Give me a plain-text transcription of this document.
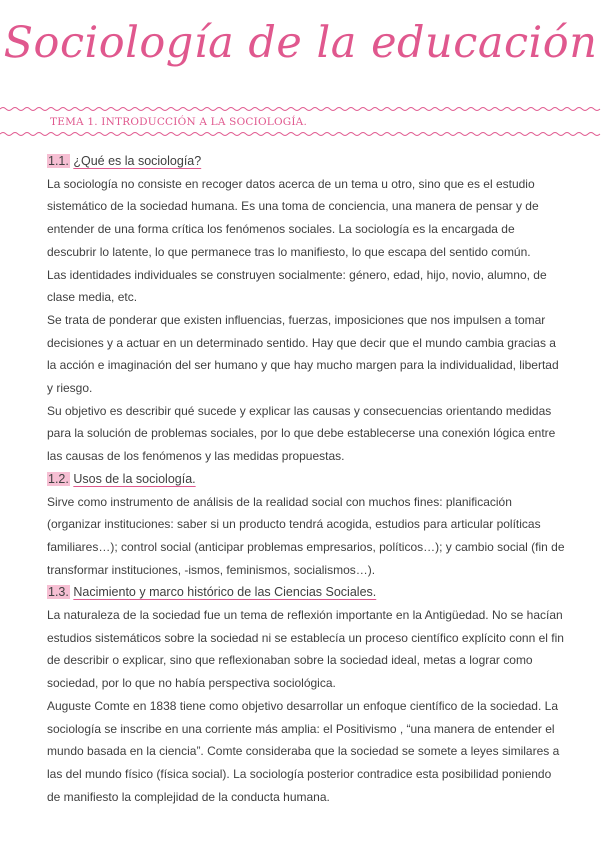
Sociología de la educación
TEMA 1. INTRODUCCIÓN A LA SOCIOLOGÍA.
1.1. ¿Qué es la sociología?

La sociología no consiste en recoger datos acerca de un tema u otro, sino que es el estudio sistemático de la sociedad humana. Es una toma de conciencia, una manera de pensar y de entender de una forma crítica los fenómenos sociales. La sociología es la encargada de descubrir lo latente, lo que permanece tras lo manifiesto, lo que escapa del sentido común.

Las identidades individuales se construyen socialmente: género, edad, hijo, novio, alumno, de clase media, etc.

Se trata de ponderar que existen influencias, fuerzas, imposiciones que nos impulsen a tomar decisiones y a actuar en un determinado sentido. Hay que decir que el mundo cambia gracias a la acción e imaginación del ser humano y que hay mucho margen para la individualidad, libertad y riesgo.

Su objetivo es describir qué sucede y explicar las causas y consecuencias orientando medidas para la solución de problemas sociales, por lo que debe establecerse una conexión lógica entre las causas de los fenómenos y las medidas propuestas.

1.2. Usos de la sociología.

Sirve como instrumento de análisis de la realidad social con muchos fines: planificación (organizar instituciones: saber si un producto tendrá acogida, estudios para articular políticas familiares…); control social (anticipar problemas empresarios, políticos…); y cambio social (fin de transformar instituciones, -ismos, feminismos, socialismos…).

1.3. Nacimiento y marco histórico de las Ciencias Sociales.

La naturaleza de la sociedad fue un tema de reflexión importante en la Antigüedad. No se hacían estudios sistemáticos sobre la sociedad ni se establecía un proceso científico explícito conn el fin de describir o explicar, sino que reflexionaban sobre la sociedad ideal, metas a lograr como sociedad, por lo que no había perspectiva sociológica.

Auguste Comte en 1838 tiene como objetivo desarrollar un enfoque científico de la sociedad. La sociología se inscribe en una corriente más amplia: el Positivismo , “una manera de entender el mundo basada en la ciencia”. Comte consideraba que la sociedad se somete a leyes similares a las del mundo físico (física social). La sociología posterior contradice esta posibilidad poniendo de manifiesto la complejidad de la conducta humana.
